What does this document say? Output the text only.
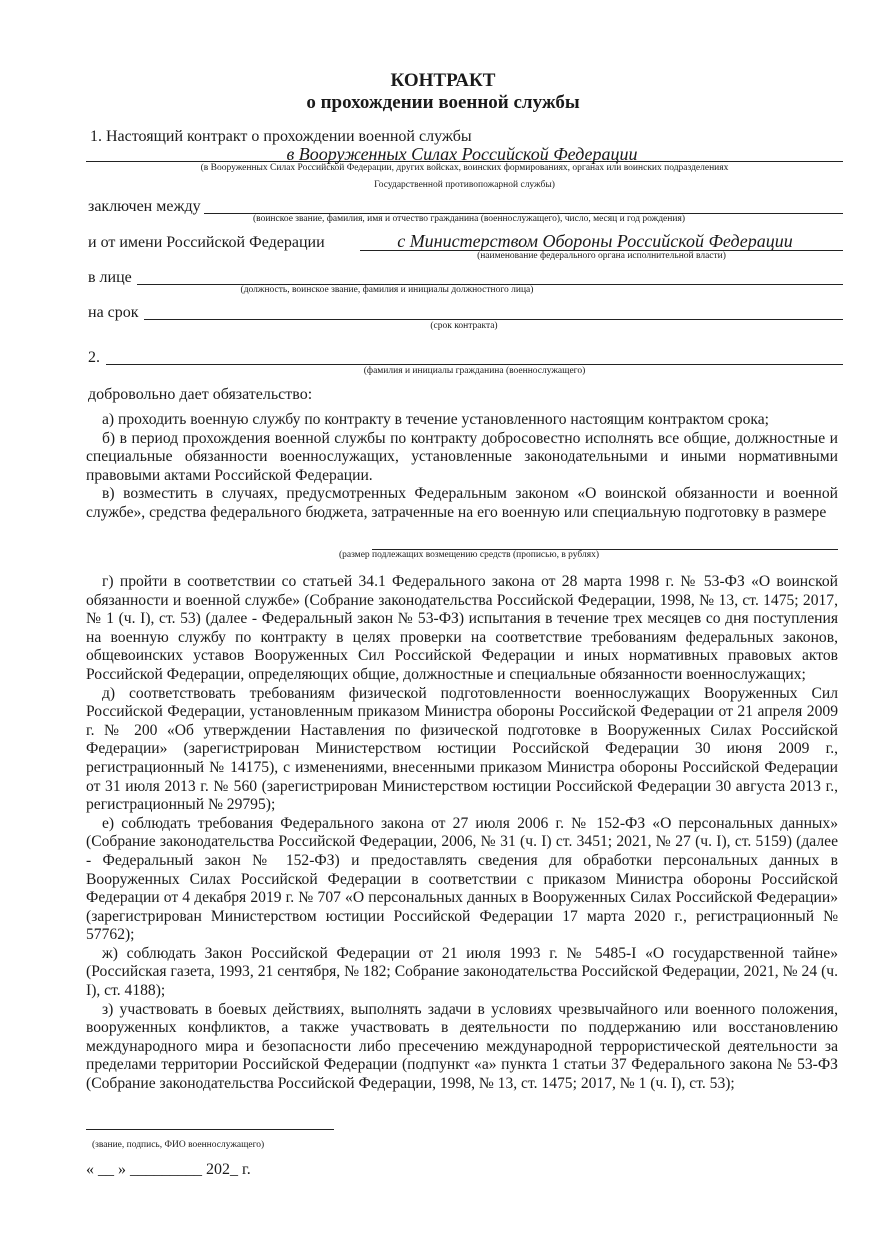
КОНТРАКТ
о прохождении военной службы
1. Настоящий контракт о прохождении военной службы
в Вооруженных Силах Российской Федерации
(в Вооруженных Силах Российской Федерации, других войсках, воинских формированиях, органах или воинских подразделениях
Государственной противопожарной службы)
заключен между
(воинское звание, фамилия, имя и отчество гражданина (военнослужащего), число, месяц и год рождения)
и от имени Российской Федерации	с Министерством Обороны Российской Федерации
(наименование федерального органа исполнительной власти)
в лице
(должность, воинское звание, фамилия и инициалы должностного лица)
на срок
(срок контракта)
2.
(фамилия и инициалы гражданина (военнослужащего)
добровольно дает обязательство:

а) проходить военную службу по контракту в течение установленного настоящим контрактом срока;

б) в период прохождения военной службы по контракту добросовестно исполнять все общие, должностные и специальные обязанности военнослужащих, установленные законодательными и иными нормативными правовыми актами Российской Федерации.

в) возместить в случаях, предусмотренных Федеральным законом «О воинской обязанности и военной службе», средства федерального бюджета, затраченные на его военную или специальную подготовку в размере

(размер подлежащих возмещению средств (прописью, в рублях)

г) пройти в соответствии со статьей 34.1 Федерального закона от 28 марта 1998 г. № 53-ФЗ «О воинской обязанности и военной службе» (Собрание законодательства Российской Федерации, 1998, № 13, ст. 1475; 2017, № 1 (ч. I), ст. 53) (далее - Федеральный закон № 53-ФЗ) испытания в течение трех месяцев со дня поступления на военную службу по контракту в целях проверки на соответствие требованиям федеральных законов, общевоинских уставов Вооруженных Сил Российской Федерации и иных нормативных правовых актов Российской Федерации, определяющих общие, должностные и специальные обязанности военнослужащих;

д) соответствовать требованиям физической подготовленности военнослужащих Вооруженных Сил Российской Федерации, установленным приказом Министра обороны Российской Федерации от 21 апреля 2009 г. № 200 «Об утверждении Наставления по физической подготовке в Вооруженных Силах Российской Федерации» (зарегистрирован Министерством юстиции Российской Федерации 30 июня 2009 г., регистрационный № 14175), с изменениями, внесенными приказом Министра обороны Российской Федерации от 31 июля 2013 г. № 560 (зарегистрирован Министерством юстиции Российской Федерации 30 августа 2013 г., регистрационный № 29795);

е) соблюдать требования Федерального закона от 27 июля 2006 г. № 152-ФЗ «О персональных данных» (Собрание законодательства Российской Федерации, 2006, № 31 (ч. I) ст. 3451; 2021, № 27 (ч. I), ст. 5159) (далее - Федеральный закон № 152-ФЗ) и предоставлять сведения для обработки персональных данных в Вооруженных Силах Российской Федерации в соответствии с приказом Министра обороны Российской Федерации от 4 декабря 2019 г. № 707 «О персональных данных в Вооруженных Силах Российской Федерации» (зарегистрирован Министерством юстиции Российской Федерации 17 марта 2020 г., регистрационный № 57762);

ж) соблюдать Закон Российской Федерации от 21 июля 1993 г. № 5485-I «О государственной тайне» (Российская газета, 1993, 21 сентября, № 182; Собрание законодательства Российской Федерации, 2021, № 24 (ч. I), ст. 4188);

з) участвовать в боевых действиях, выполнять задачи в условиях чрезвычайного или военного положения, вооруженных конфликтов, а также участвовать в деятельности по поддержанию или восстановлению международного мира и безопасности либо пресечению международной террористической деятельности за пределами территории Российской Федерации (подпункт «а» пункта 1 статьи 37 Федерального закона № 53-ФЗ (Собрание законодательства Российской Федерации, 1998, № 13, ст. 1475; 2017, № 1 (ч. I), ст. 53);

(звание, подпись, ФИО военнослужащего)
« __ » _________ 202_ г.
